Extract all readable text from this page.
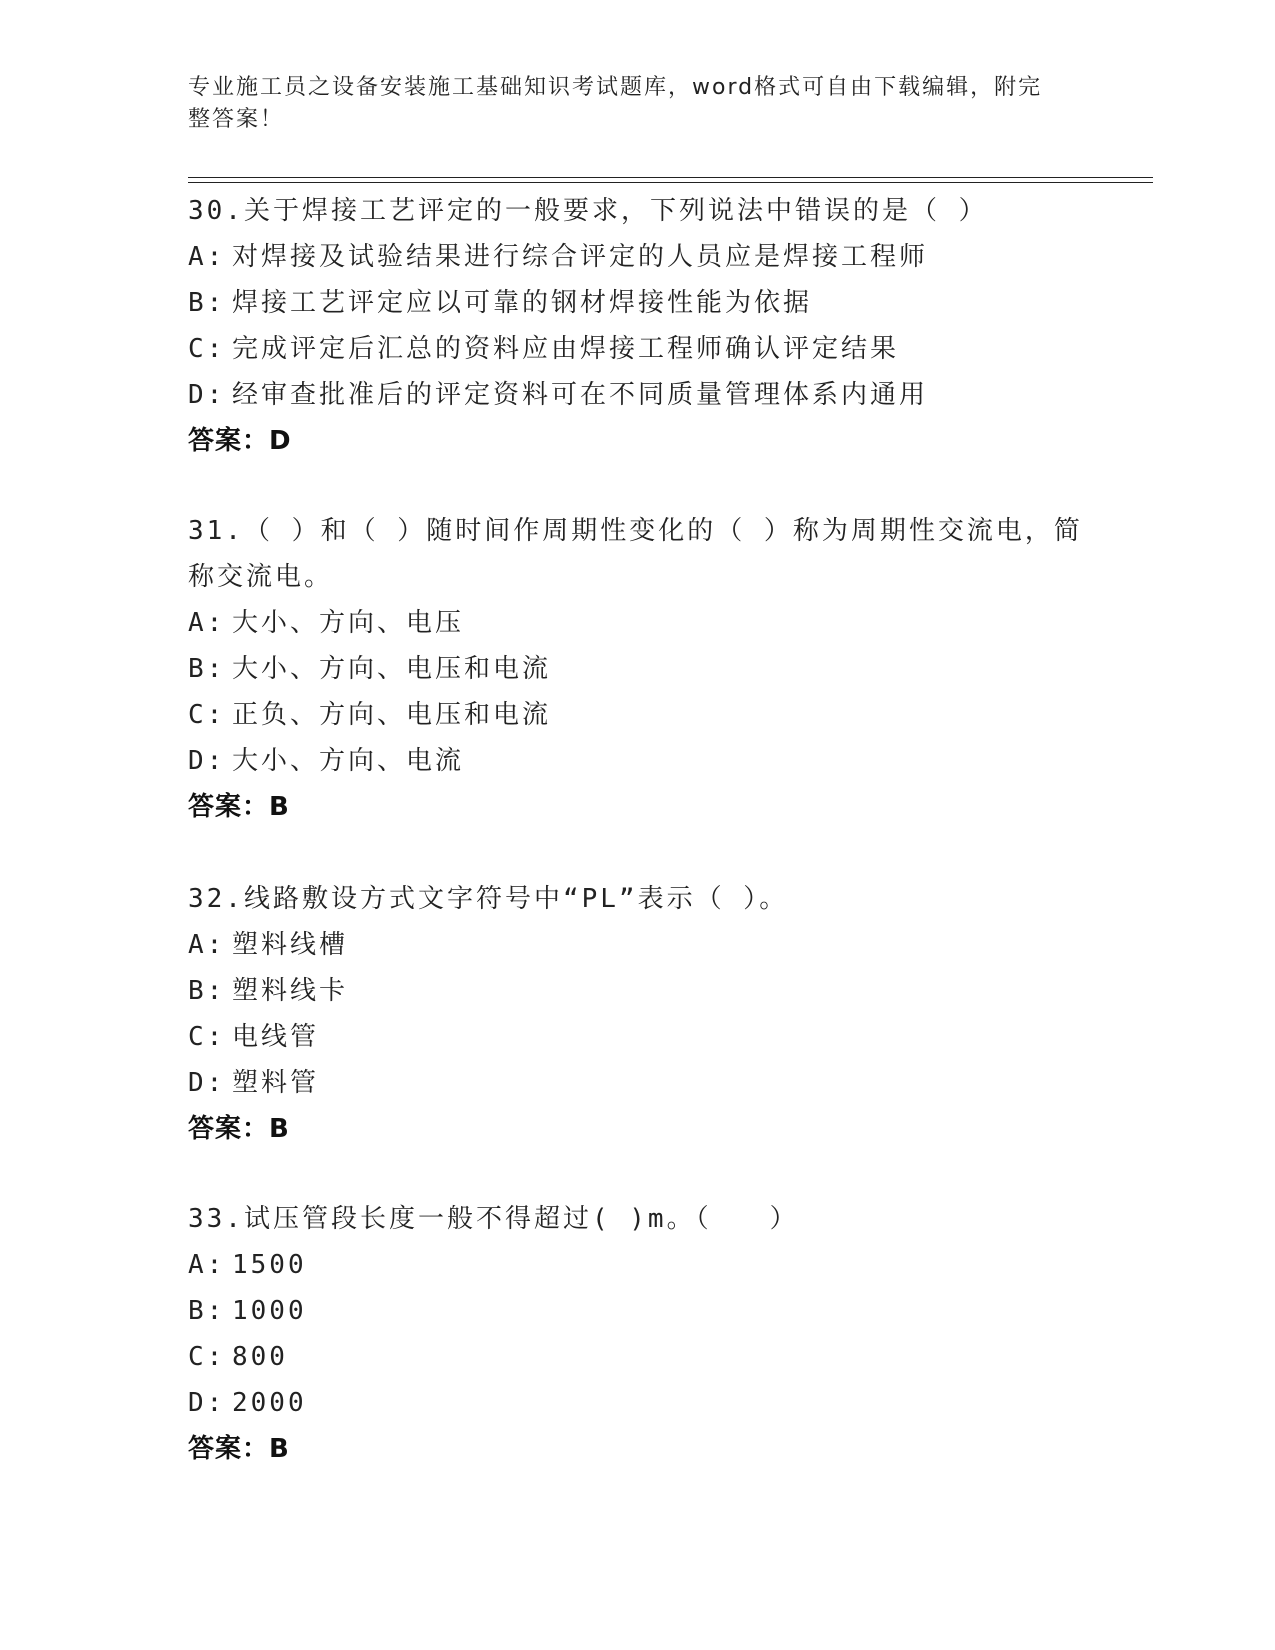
专业施工员之设备安装施工基础知识考试题库，word格式可自由下载编辑，附完
整答案！
30.关于焊接工艺评定的一般要求，下列说法中错误的是（ ）
A: 对焊接及试验结果进行综合评定的人员应是焊接工程师
B: 焊接工艺评定应以可靠的钢材焊接性能为依据
C: 完成评定后汇总的资料应由焊接工程师确认评定结果
D: 经审查批准后的评定资料可在不同质量管理体系内通用
答案：D
31.（ ）和（ ）随时间作周期性变化的（ ）称为周期性交流电，简
称交流电。
A: 大小、方向、电压
B: 大小、方向、电压和电流
C: 正负、方向、电压和电流
D: 大小、方向、电流
答案：B
32.线路敷设方式文字符号中“PL”表示（ ）。
A: 塑料线槽
B: 塑料线卡
C: 电线管
D: 塑料管
答案：B
33.试压管段长度一般不得超过( )m。（　　）
A: 1500
B: 1000
C: 800
D: 2000
答案：B
